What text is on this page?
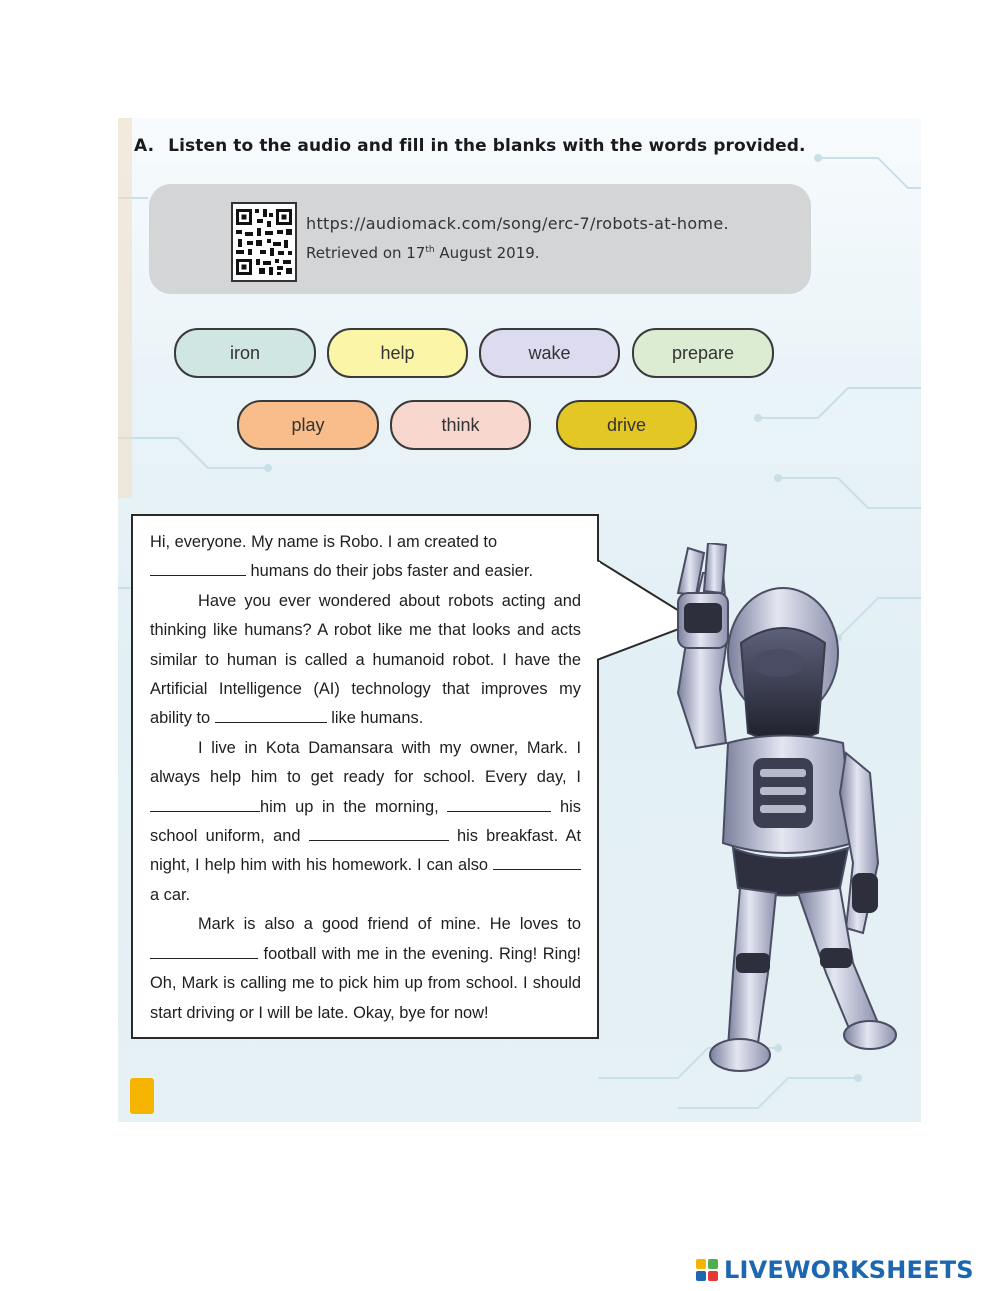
A. Listen to the audio and fill in the blanks with the words provided.
https://audiomack.com/song/erc-7/robots-at-home.
Retrieved on 17th August 2019.
iron	help	wake	prepare
play	think	drive

Hi, everyone. My name is Robo. I am created to
humans do their jobs faster and easier.

Have you ever wondered about robots acting and thinking like humans? A robot like me that looks and acts similar to human is called a humanoid robot. I have the Artificial Intelligence (AI) technology that improves my ability to	like humans.

I live in Kota Damansara with my owner, Mark. I always help him to get ready for school. Every day, I him up in the morning,	his school uniform, and	his breakfast. At night, I help him with his homework. I can also  a car.

Mark is also a good friend of mine. He loves to  football with me in the evening. Ring! Ring! Oh, Mark is calling me to pick him up from school. I should start driving or I will be late. Okay, bye for now!

LIVEWORKSHEETS
